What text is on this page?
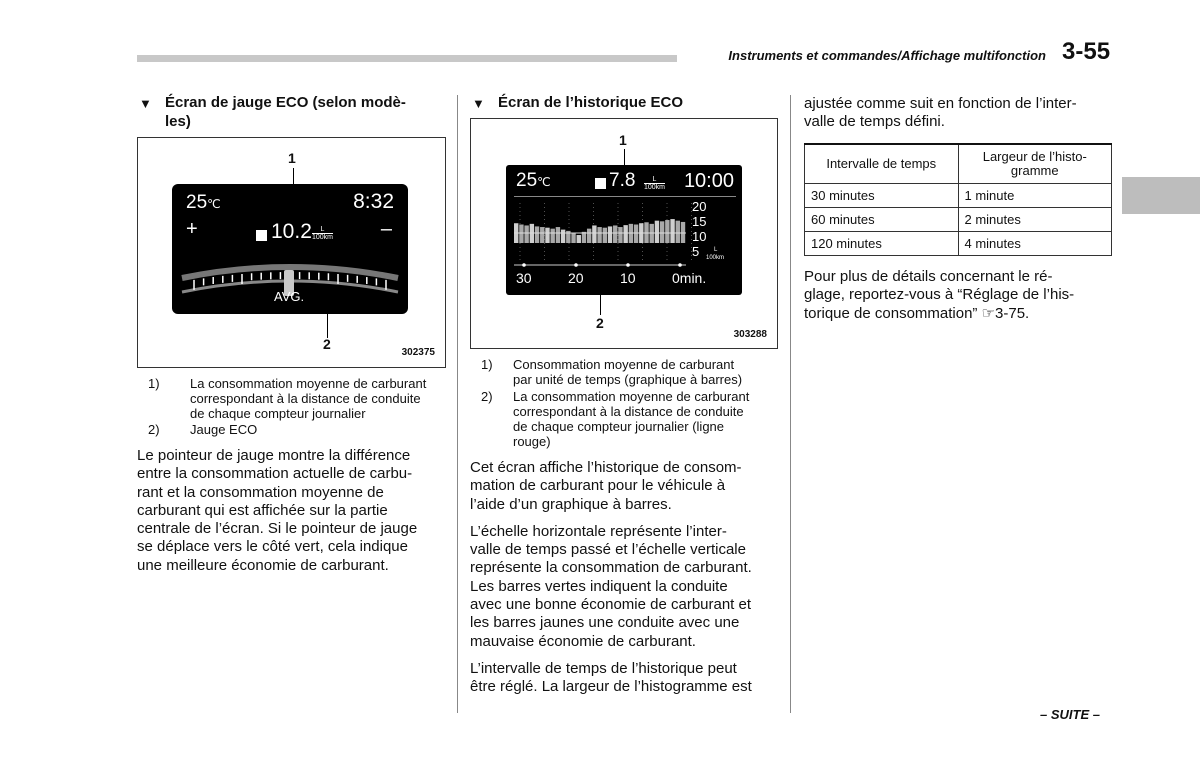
Instruments et commandes/Affichage multifonction 3-55
▼ Écran de jauge ECO (selon modè-
les)
1
25℃	8:32
+	–
10.2	L
100km
AVG.
2
302375
1) La consommation moyenne de carburant
correspondant à la distance de conduite
de chaque compteur journalier
2) Jauge ECO

Le pointeur de jauge montre la différence
entre la consommation actuelle de carbu-
rant et la consommation moyenne de
carburant qui est affichée sur la partie
centrale de l’écran. Si le pointeur de jauge
se déplace vers le côté vert, cela indique
une meilleure économie de carburant.

▼ Écran de l’historique ECO
1
25℃	7.8	L
100km 10:00
20
15
10
5 L
100km
30	20	10	0min.
2
303288
1) Consommation moyenne de carburant
par unité de temps (graphique à barres)
2) La consommation moyenne de carburant
correspondant à la distance de conduite
de chaque compteur journalier (ligne
rouge)

Cet écran affiche l’historique de consom-
mation de carburant pour le véhicule à
l’aide d’un graphique à barres.

L’échelle horizontale représente l’inter-
valle de temps passé et l’échelle verticale
représente la consommation de carburant.
Les barres vertes indiquent la conduite
avec une bonne économie de carburant et
les barres jaunes une conduite avec une
mauvaise économie de carburant.

L’intervalle de temps de l’historique peut
être réglé. La largeur de l’histogramme est

ajustée comme suit en fonction de l’inter-
valle de temps défini.

Intervalle de temps	Largeur de l’histo-
gramme
30 minutes	1 minute
60 minutes	2 minutes
120 minutes	4 minutes

Pour plus de détails concernant le ré-
glage, reportez-vous à “Réglage de l’his-
torique de consommation” ☞3-75.

– SUITE –
